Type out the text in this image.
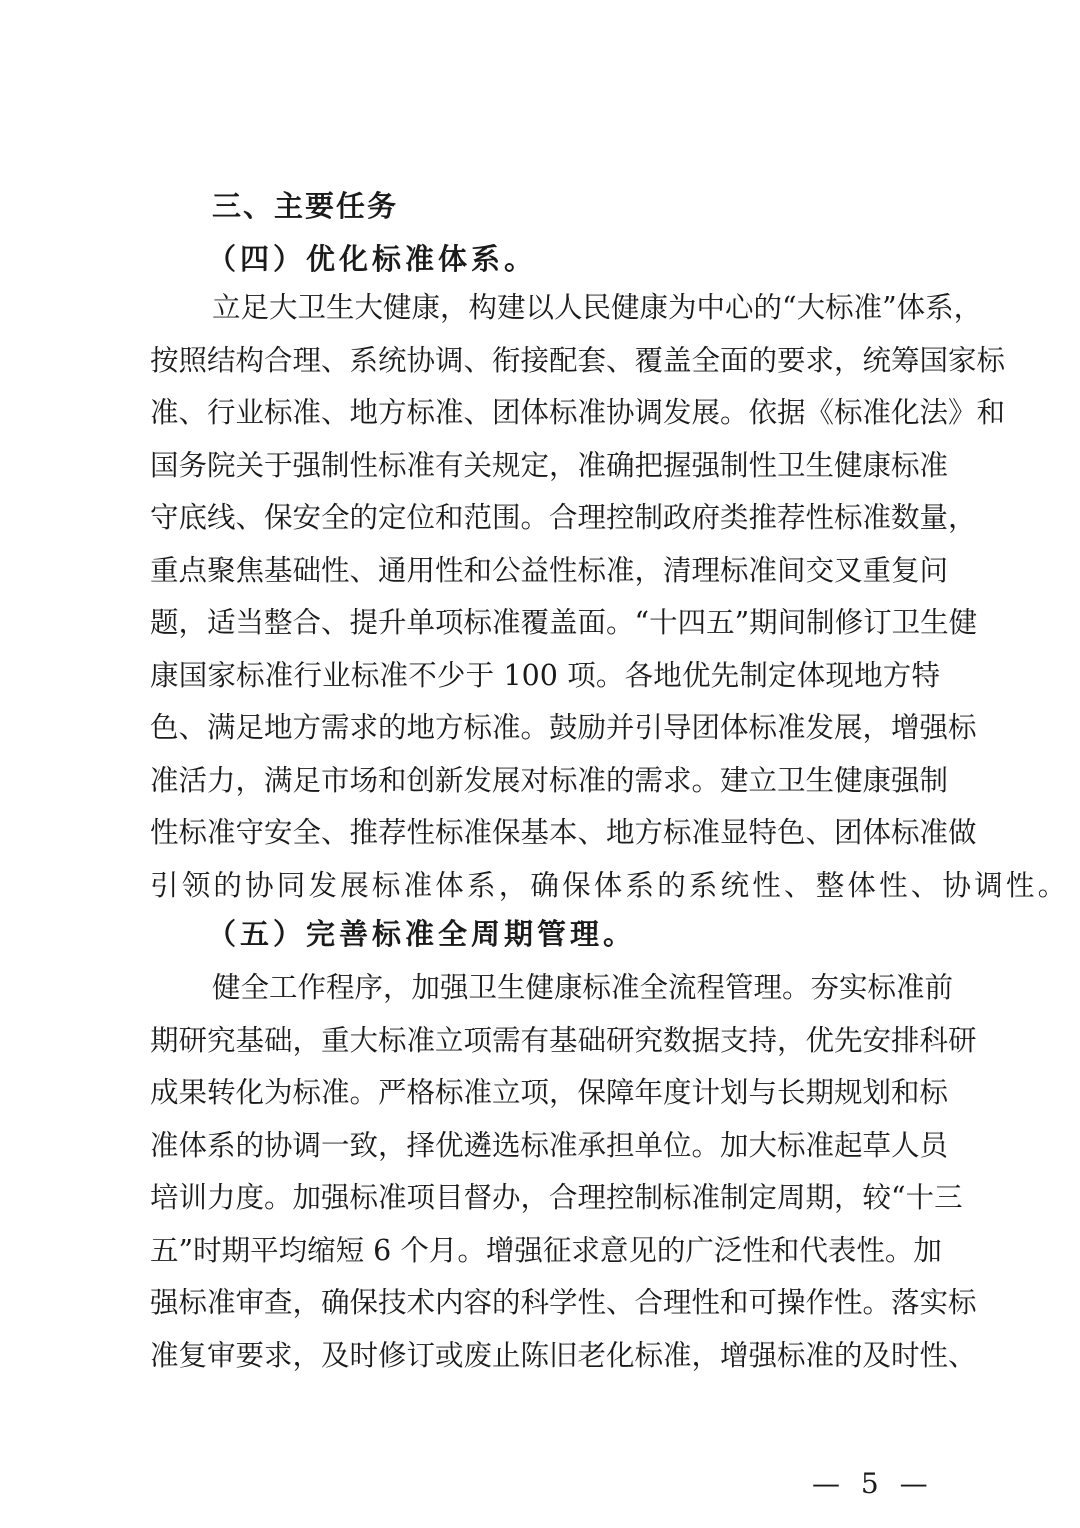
三、主要任务
（四）优化标准体系。
立足大卫生大健康，构建以人民健康为中心的“大标准”体系，
按照结构合理、系统协调、衔接配套、覆盖全面的要求，统筹国家标
准、行业标准、地方标准、团体标准协调发展。依据《标准化法》和
国务院关于强制性标准有关规定，准确把握强制性卫生健康标准
守底线、保安全的定位和范围。合理控制政府类推荐性标准数量，
重点聚焦基础性、通用性和公益性标准，清理标准间交叉重复问
题，适当整合、提升单项标准覆盖面。“十四五”期间制修订卫生健
康国家标准行业标准不少于 100 项。各地优先制定体现地方特
色、满足地方需求的地方标准。鼓励并引导团体标准发展，增强标
准活力，满足市场和创新发展对标准的需求。建立卫生健康强制
性标准守安全、推荐性标准保基本、地方标准显特色、团体标准做
引领的协同发展标准体系，确保体系的系统性、整体性、协调性。
（五）完善标准全周期管理。
健全工作程序，加强卫生健康标准全流程管理。夯实标准前
期研究基础，重大标准立项需有基础研究数据支持，优先安排科研
成果转化为标准。严格标准立项，保障年度计划与长期规划和标
准体系的协调一致，择优遴选标准承担单位。加大标准起草人员
培训力度。加强标准项目督办，合理控制标准制定周期，较“十三
五”时期平均缩短 6 个月。增强征求意见的广泛性和代表性。加
强标准审查，确保技术内容的科学性、合理性和可操作性。落实标
准复审要求，及时修订或废止陈旧老化标准，增强标准的及时性、
— 5 —
